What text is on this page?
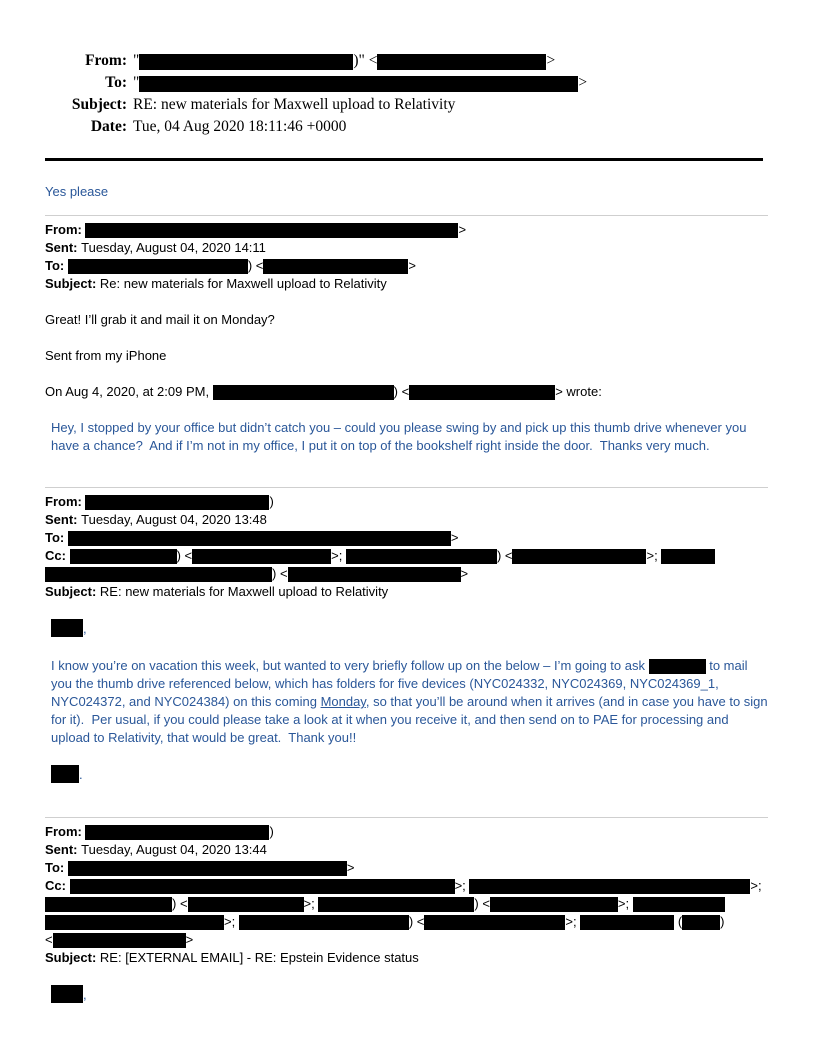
From: "	)" <	>
To: "	>
Subject: RE: new materials for Maxwell upload to Relativity
Date: Tue, 04 Aug 2020 18:11:46 +0000
Yes please
From:	>
Sent: Tuesday, August 04, 2020 14:11
To:	) <	>
Subject: Re: new materials for Maxwell upload to Relativity
Great! I’ll grab it and mail it on Monday?
Sent from my iPhone
On Aug 4, 2020, at 2:09 PM,	) <	> wrote:
Hey, I stopped by your office but didn’t catch you – could you please swing by and pick up this thumb drive whenever you have a chance?  And if I’m not in my office, I put it on top of the bookshelf right inside the door.  Thanks very much.
From:	)
Sent: Tuesday, August 04, 2020 13:48
To:	>
Cc:	) <	>;	) <	>;
) <	>
Subject: RE: new materials for Maxwell upload to Relativity
,
I know you’re on vacation this week, but wanted to very briefly follow up on the below – I’m going to ask	to mail you the thumb drive referenced below, which has folders for five devices (NYC024332, NYC024369, NYC024369_1, NYC024372, and NYC024384) on this coming Monday, so that you’ll be around when it arrives (and in case you have to sign for it).  Per usual, if you could please take a look at it when you receive it, and then send on to PAE for processing and upload to Relativity, that would be great.  Thank you!!
.
From:	)
Sent: Tuesday, August 04, 2020 13:44
To:	>
Cc:	>;	>;
) <	>;	) <	>;
>;	) <	>;	(	)
<	>
Subject: RE: [EXTERNAL EMAIL] - RE: Epstein Evidence status
,
